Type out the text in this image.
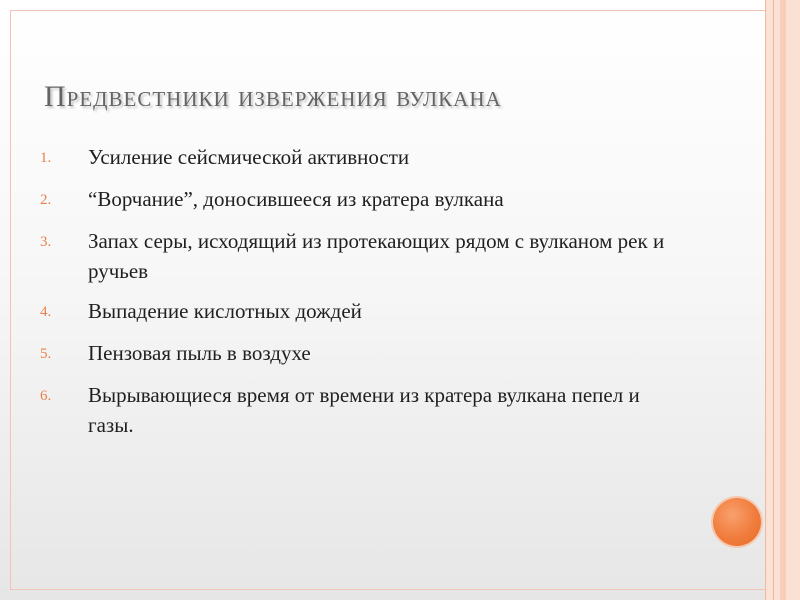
Предвестники извержения вулкана
1.	Усиление сейсмической активности
2.	“Ворчание”, доносившееся из кратера вулкана
3.	Запах серы, исходящий из протекающих рядом с вулканом рек и ручьев
4.	Выпадение кислотных дождей
5.	Пензовая пыль в воздухе
6.	Вырывающиеся время от времени из кратера вулкана пепел и газы.
